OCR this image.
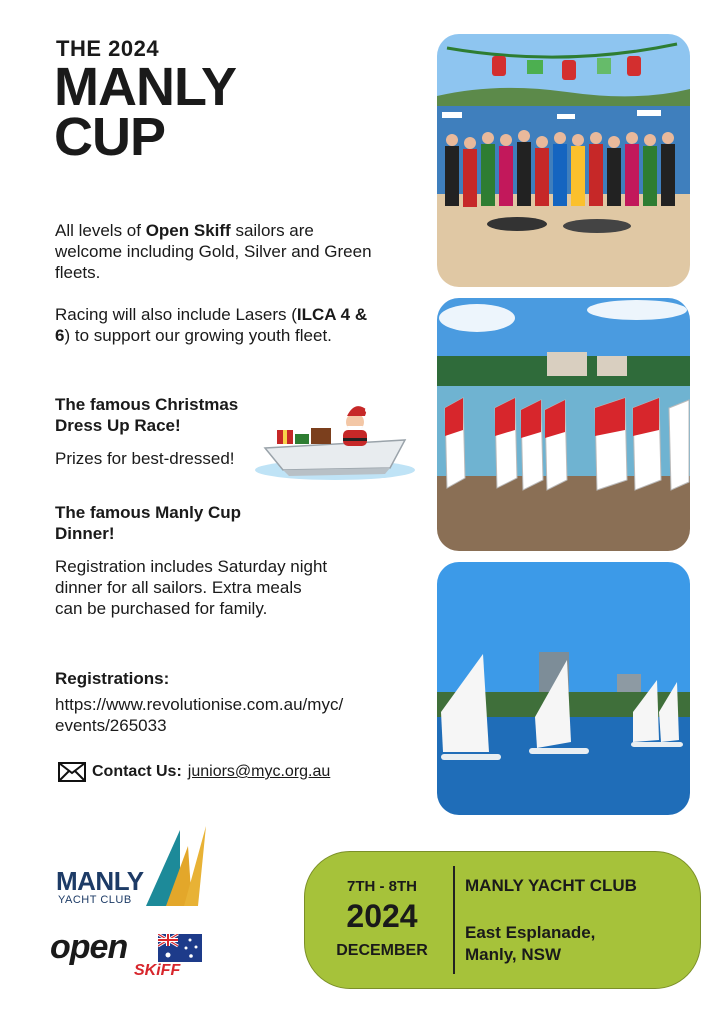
THE 2024
MANLY
CUP

All levels of Open Skiff sailors are welcome including Gold, Silver and Green fleets.

Racing will also include Lasers (ILCA 4 & 6) to support our growing youth fleet.

The famous Christmas
Dress Up Race!

Prizes for best-dressed!

The famous Manly Cup
Dinner!

Registration includes Saturday night dinner for all sailors. Extra meals can be purchased for family.

Registrations:
https://www.revolutionise.com.au/myc/
events/265033
Contact Us: juniors@myc.org.au
MANLY
YACHT CLUB
open
SKiFF
7TH - 8TH
2024
DECEMBER
MANLY YACHT CLUB
East Esplanade,
Manly, NSW
